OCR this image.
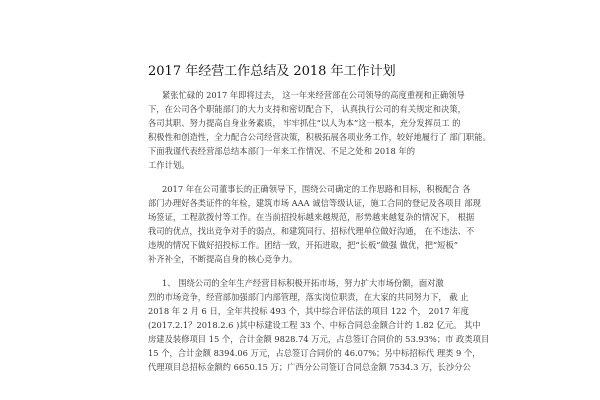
2017 年经营工作总结及 2018 年工作计划
紧张忙碌的 2017 年即将过去， 这一年来经营部在公司领导的高度重视和正确领导
下，在公司各个职能部门的大力支持和密切配合下， 认真执行公司的有关规定和决策，
各司其职、努力提高自身业务素质， 牢牢抓住“以人为本”这一根本，充分发挥员工 的
积极性和创造性，全力配合公司经营决策，积极拓展各项业务工作，较好地履行了 部门职能。
下面我谨代表经营部总结本部门一年来工作情况、不足之处和 2018 年的
工作计划。
2017 年在公司董事长的正确领导下，围绕公司确定的工作思路和目标，积极配合 各
部门办理好各类证件的年检，建筑市场 AAA 诚信等级认证，施工合同的登记及各项目 部现
场签证，工程款拨付等工作。在当前招投标越来越规范，形势越来越复杂的情况下， 根据
我司的优点，找出竞争对手的弱点，和建筑同行、招标代理单位做好沟通， 在不违法、不
违规的情况下做好招投标工作。团结一致，开拓进取，把“长板”做强 做优，把“短板”
补齐补全，不断提高自身的核心竞争力。
1、 围绕公司的全年生产经营目标积极开拓市场，努力扩大市场份额，面对激
烈的市场竞争，经营部加强部门内部管理，落实岗位职责，在大家的共同努力下， 截 止
2018 年 2 月 6 日，全年共投标 493 个，其中综合评估法的项目 122 个， 2017 年度
(2017.2.1？2018.2.6 )其中标建设工程 33 个、中标合同总金额合计约 1.82 亿元。 其中
房建及装修项目 15 个，合计金额 9828.74 万元，占总签订合同价的 53.93%；市 政类项目
15 个，合计金额 8394.06 万元，占总签订合同价的 46.07%；另中标招标代 理类 9 个，
代理项目总招标金额约 6650.15 万；广西分公司签订合同总金额 7534.3 万，长沙分公
